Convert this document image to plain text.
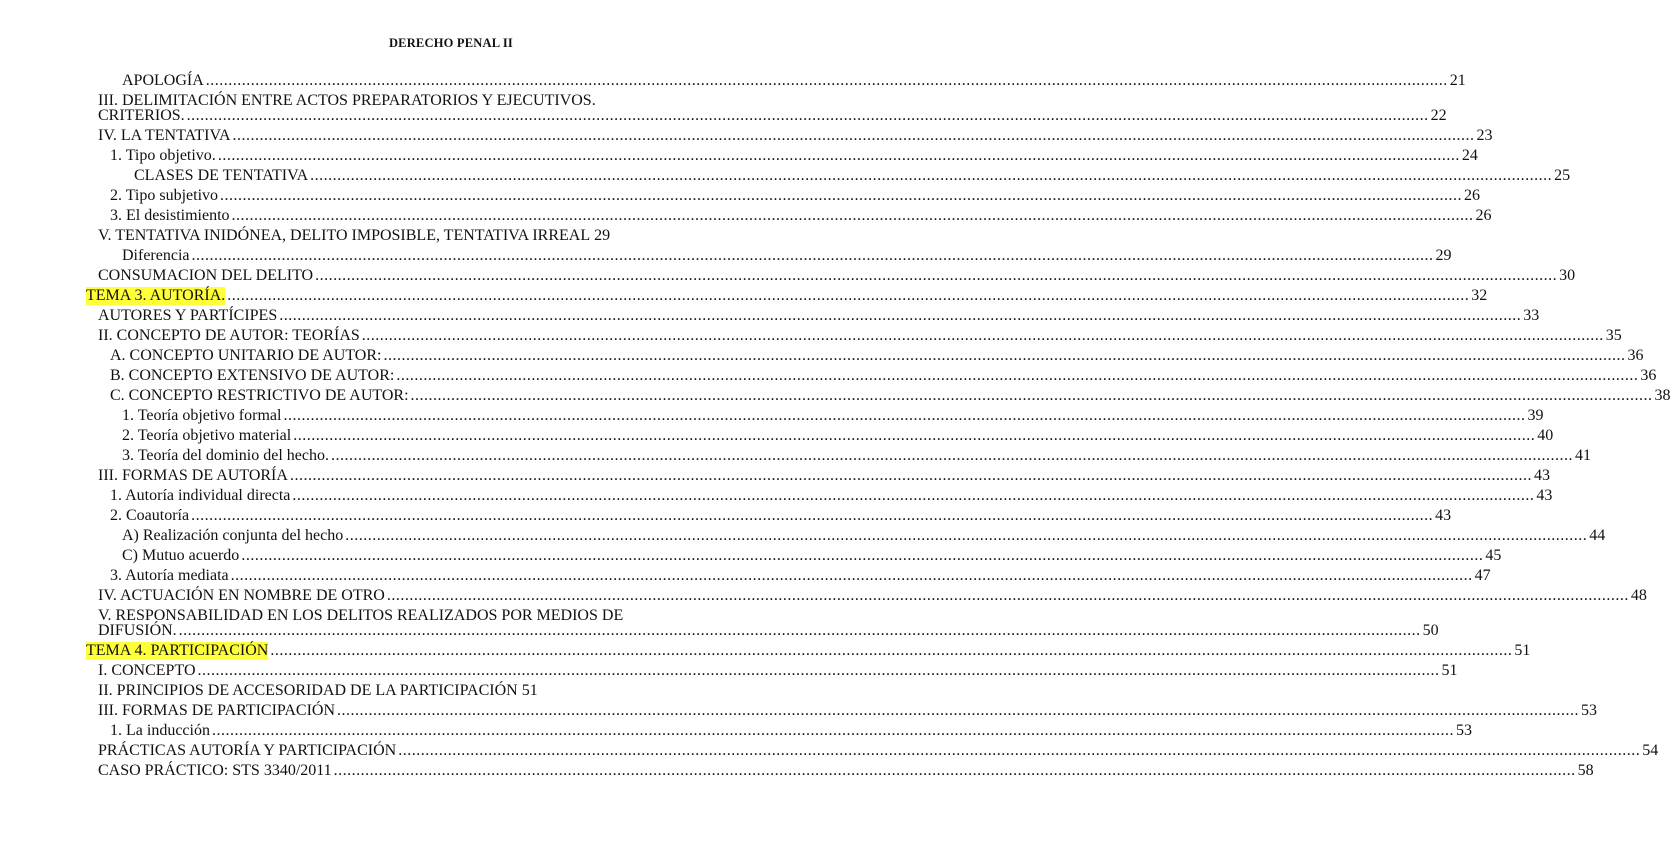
DERECHO PENAL II
APOLOGÍA .....	21
III. DELIMITACIÓN ENTRE ACTOS PREPARATORIOS Y EJECUTIVOS.
CRITERIOS. .....	22
IV. LA TENTATIVA .....	23
1. Tipo objetivo. .....	24
CLASES DE TENTATIVA .....	25
2. Tipo subjetivo .....	26
3. El desistimiento .....	26
V. TENTATIVA INIDÓNEA, DELITO IMPOSIBLE, TENTATIVA IRREAL 29
Diferencia .....	29
CONSUMACION DEL DELITO .....	30
TEMA 3. AUTORÍA. .....	32
AUTORES Y PARTÍCIPES .....	33
II. CONCEPTO DE AUTOR: TEORÍAS .....	35
A. CONCEPTO UNITARIO DE AUTOR: .....	36
B. CONCEPTO EXTENSIVO DE AUTOR: .....	36
C. CONCEPTO RESTRICTIVO DE AUTOR: .....	38
1. Teoría objetivo formal .....	39
2. Teoría objetivo material .....	40
3. Teoría del dominio del hecho. .....	41
III. FORMAS DE AUTORÍA .....	43
1. Autoría individual directa .....	43
2. Coautoría .....	43
A) Realización conjunta del hecho .....	44
C) Mutuo acuerdo .....	45
3. Autoría mediata .....	47
IV. ACTUACIÓN EN NOMBRE DE OTRO .....	48
V. RESPONSABILIDAD EN LOS DELITOS REALIZADOS POR MEDIOS DE
DIFUSIÓN. .....	50
TEMA 4. PARTICIPACIÓN .....	51
I. CONCEPTO .....	51
II. PRINCIPIOS DE ACCESORIDAD DE LA PARTICIPACIÓN 51
III. FORMAS DE PARTICIPACIÓN .....	53
1. La inducción .....	53
PRÁCTICAS AUTORÍA Y PARTICIPACIÓN .....	54
CASO PRÁCTICO: STS 3340/2011 .....	58
